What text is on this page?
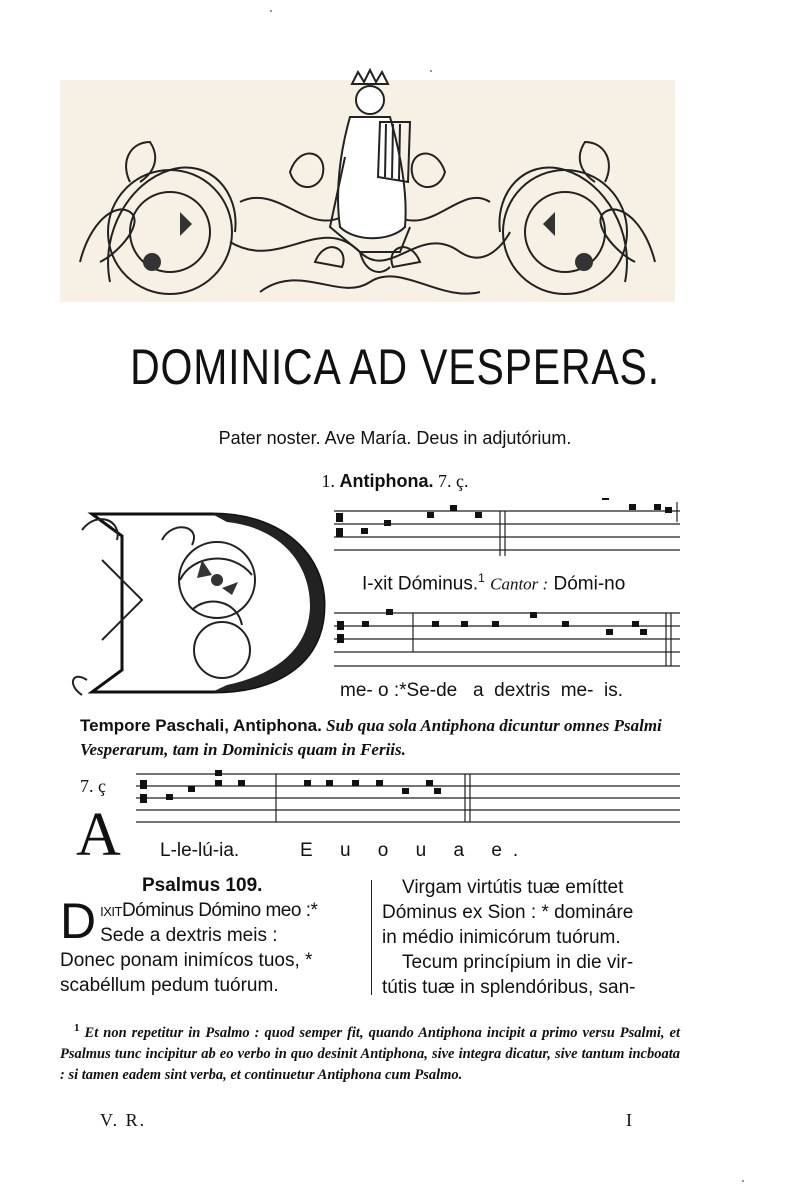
DOMINICA AD VESPERAS.
Pater noster. Ave María. Deus in adjutórium.
1. Antiphona. 7. ç.
I-xit Dóminus.$^1$ Cantor : Dómi-no
me- o :*Se-de   a  dextris  me-  is.
Tempore Paschali, Antiphona. Sub qua sola Antiphona dicuntur omnes Psalmi Vesperarum, tam in Dominicis quam in Feriis.
7. ç
A L-le-lú-ia.	E u o u a e.
Psalmus 109.
D ixitDóminus Dómino meo :*
Sede a dextris meis :
Donec ponam inimícos tuos, *
scabéllum pedum tuórum.
Virgam virtútis tuæ emíttet
Dóminus ex Sion : * domináre
in médio inimicórum tuórum.
Tecum princípium in die vir-
tútis tuæ in splendóribus, san-
$^1$ Et non repetitur in Psalmo : quod semper fit, quando Antiphona incipit a primo versu Psalmi, et Psalmus tunc incipitur ab eo verbo in quo desinit Antiphona, sive integra dicatur, sive tantum incboata : si tamen eadem sint verba, et continuetur Antiphona cum Psalmo.
V. R.	I
